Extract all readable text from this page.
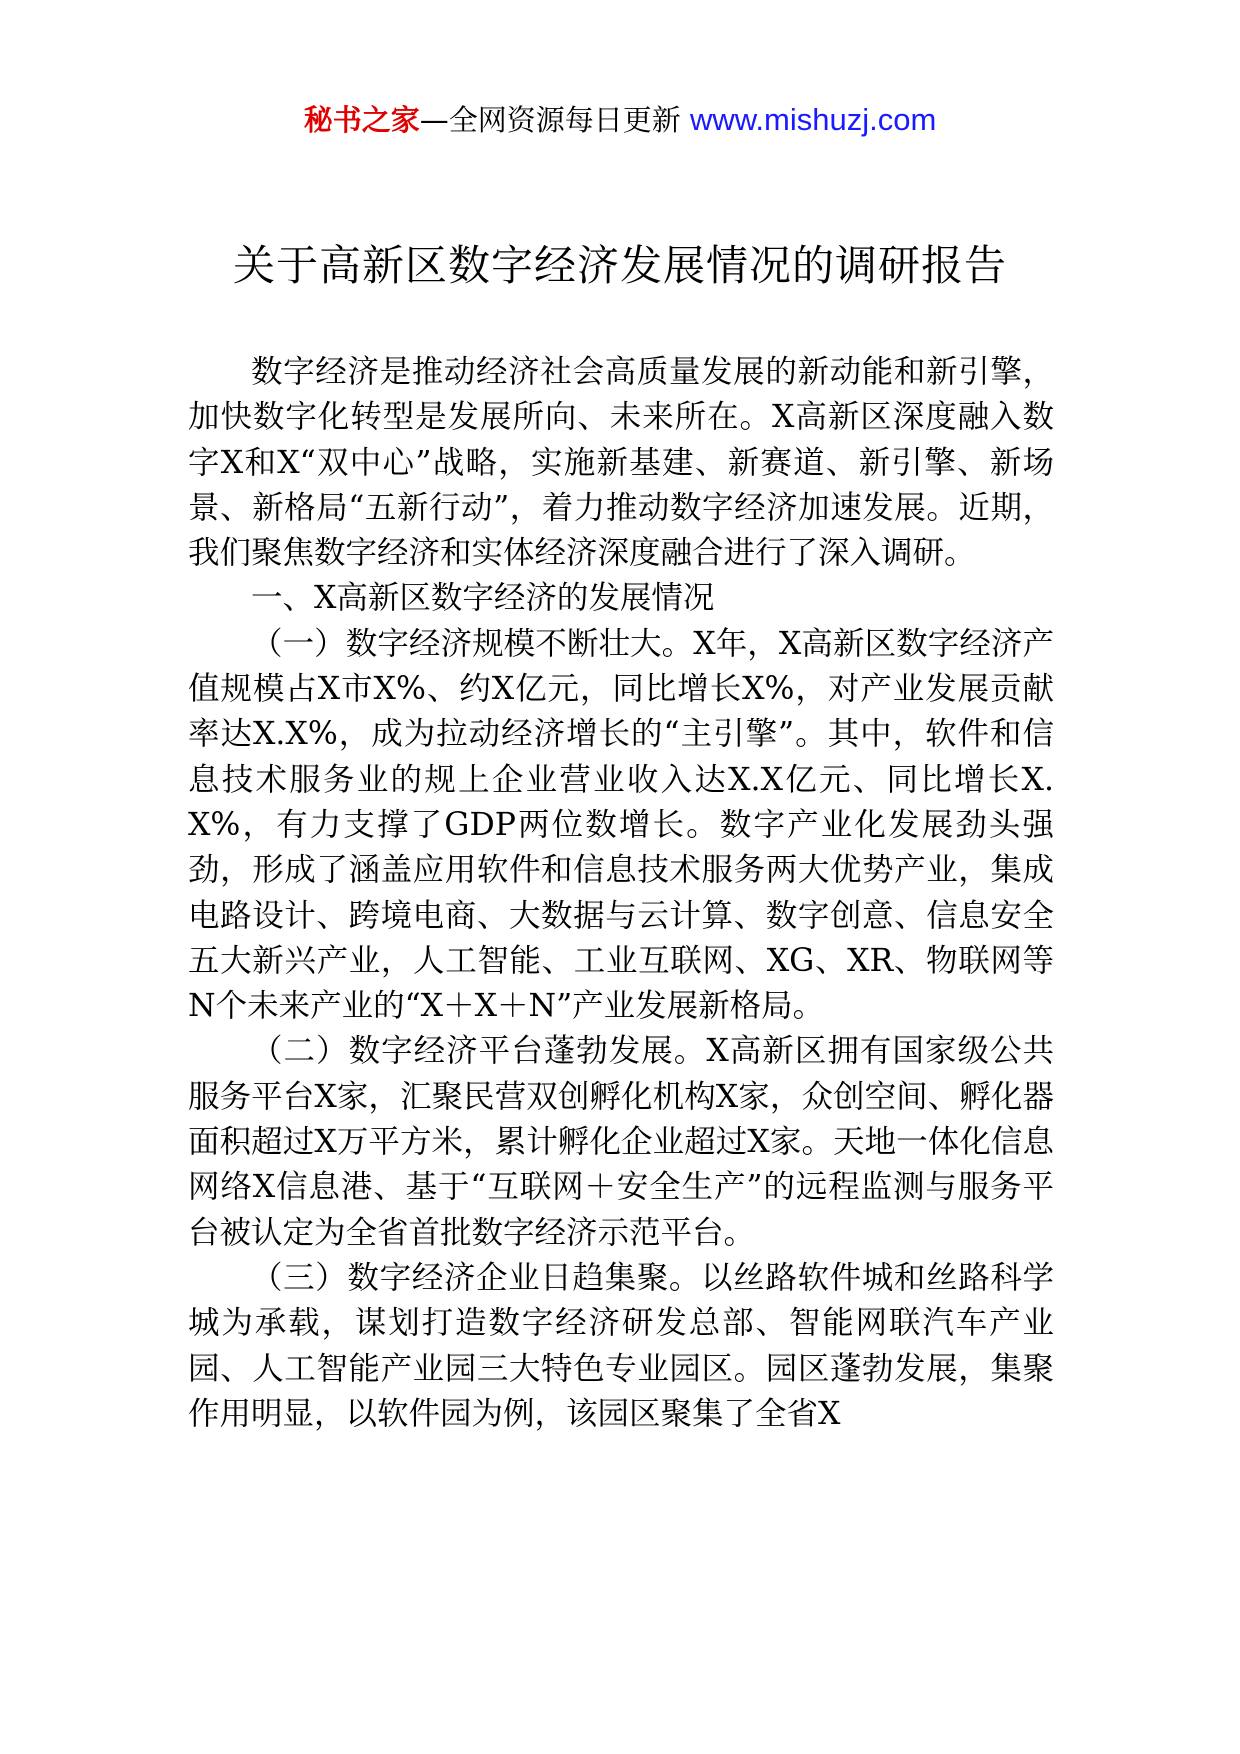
秘书之家—全网资源每日更新 www.mishuzj.com
关于高新区数字经济发展情况的调研报告

数字经济是推动经济社会高质量发展的新动能和新引擎，加快数字化转型是发展所向、未来所在。X高新区深度融入数字X和X“双中心”战略，实施新基建、新赛道、新引擎、新场景、新格局“五新行动”，着力推动数字经济加速发展。近期，我们聚焦数字经济和实体经济深度融合进行了深入调研。

一、X高新区数字经济的发展情况

（一）数字经济规模不断壮大。X年，X高新区数字经济产值规模占X市X%、约X亿元，同比增长X%，对产业发展贡献率达X.X%，成为拉动经济增长的“主引擎”。其中，软件和信息技术服务业的规上企业营业收入达X.X亿元、同比增长X.X%，有力支撑了GDP两位数增长。数字产业化发展劲头强劲，形成了涵盖应用软件和信息技术服务两大优势产业，集成电路设计、跨境电商、大数据与云计算、数字创意、信息安全五大新兴产业，人工智能、工业互联网、XG、XR、物联网等N个未来产业的“X＋X＋N”产业发展新格局。

（二）数字经济平台蓬勃发展。X高新区拥有国家级公共服务平台X家，汇聚民营双创孵化机构X家，众创空间、孵化器面积超过X万平方米，累计孵化企业超过X家。天地一体化信息网络X信息港、基于“互联网＋安全生产”的远程监测与服务平台被认定为全省首批数字经济示范平台。

（三）数字经济企业日趋集聚。以丝路软件城和丝路科学城为承载，谋划打造数字经济研发总部、智能网联汽车产业园、人工智能产业园三大特色专业园区。园区蓬勃发展，集聚作用明显，以软件园为例，该园区聚集了全省X
